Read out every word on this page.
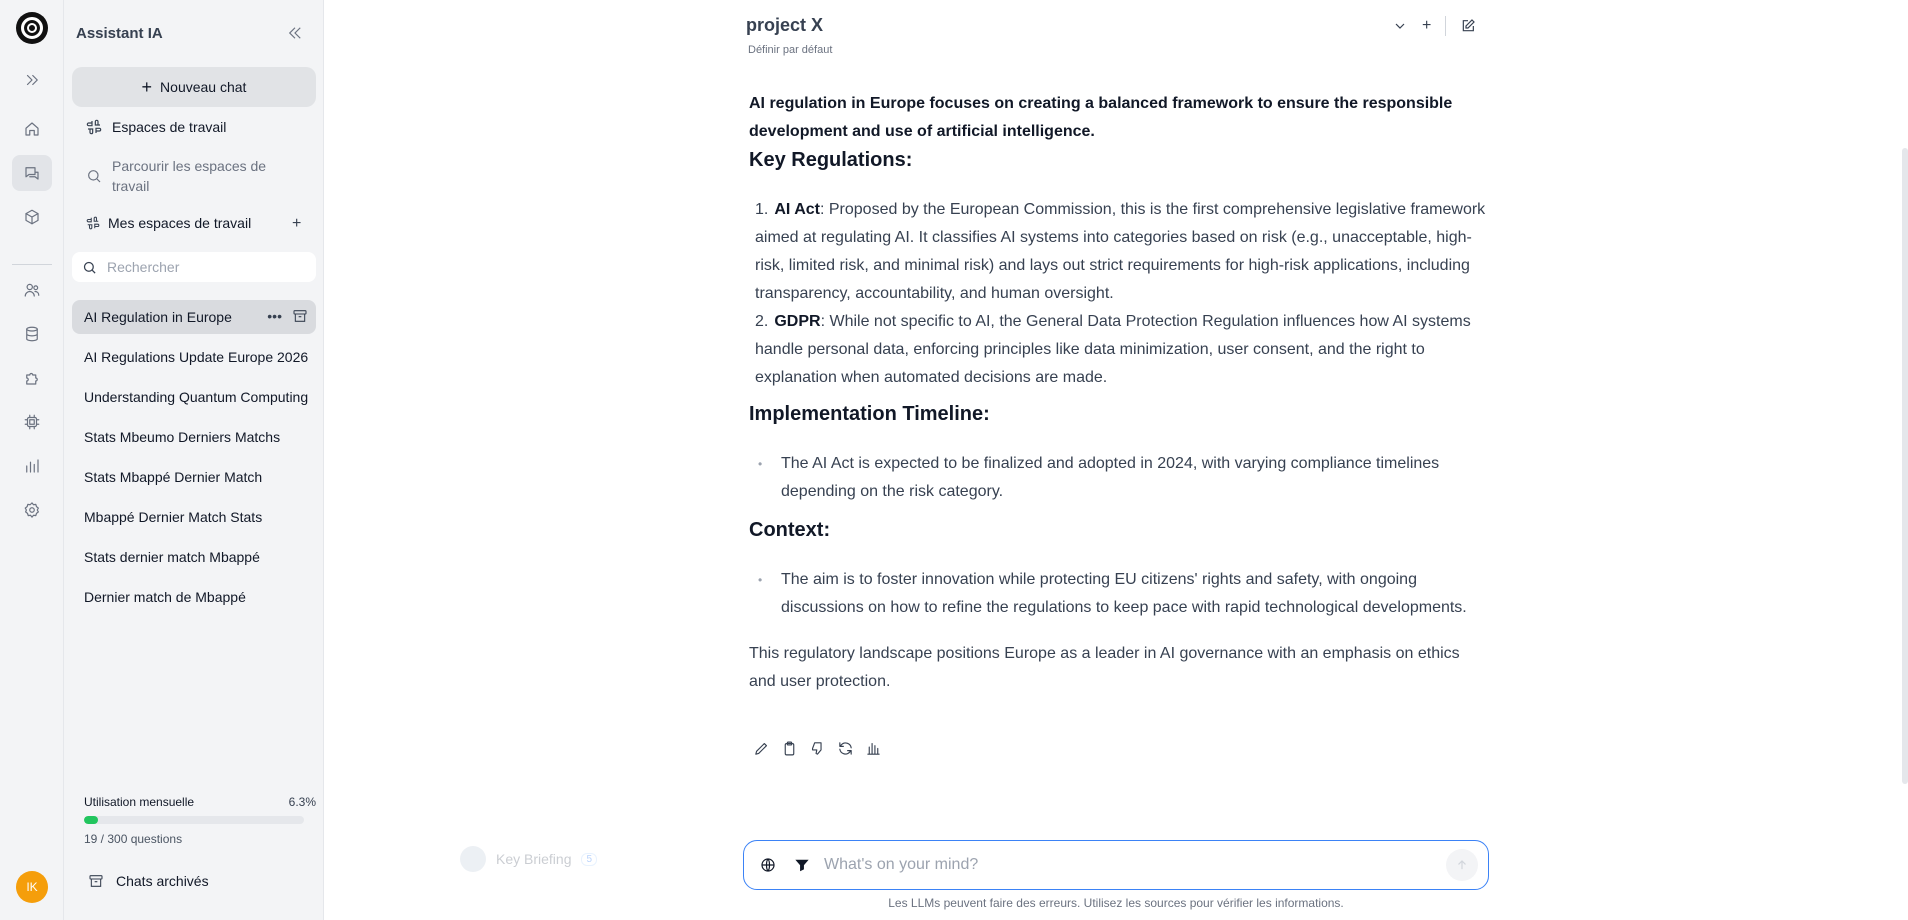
IK
Assistant IA
+ Nouveau chat
Espaces de travail
Parcourir les espaces de travail
Mes espaces de travail	+
Rechercher
AI Regulation in Europe	•••
AI Regulations Update Europe 2026
Understanding Quantum Computing
Stats Mbeumo Derniers Matchs
Stats Mbappé Dernier Match
Mbappé Dernier Match Stats
Stats dernier match Mbappé
Dernier match de Mbappé
Utilisation mensuelle	6.3%
19 / 300 questions
Chats archivés
project X
Définir par défaut
+

AI regulation in Europe focuses on creating a balanced framework to ensure the responsible development and use of artificial intelligence.

Key Regulations:
1. AI Act: Proposed by the European Commission, this is the first comprehensive legislative framework aimed at regulating AI. It classifies AI systems into categories based on risk (e.g., unacceptable, high-risk, limited risk, and minimal risk) and lays out strict requirements for high-risk applications, including transparency, accountability, and human oversight.
2. GDPR: While not specific to AI, the General Data Protection Regulation influences how AI systems handle personal data, enforcing principles like data minimization, user consent, and the right to explanation when automated decisions are made.
Implementation Timeline:
• The AI Act is expected to be finalized and adopted in 2024, with varying compliance timelines depending on the risk category.
Context:
• The aim is to foster innovation while protecting EU citizens' rights and safety, with ongoing discussions on how to refine the regulations to keep pace with rapid technological developments.

This regulatory landscape positions Europe as a leader in AI governance with an emphasis on ethics and user protection.

Key Briefing	5
What's on your mind?
Les LLMs peuvent faire des erreurs. Utilisez les sources pour vérifier les informations.
